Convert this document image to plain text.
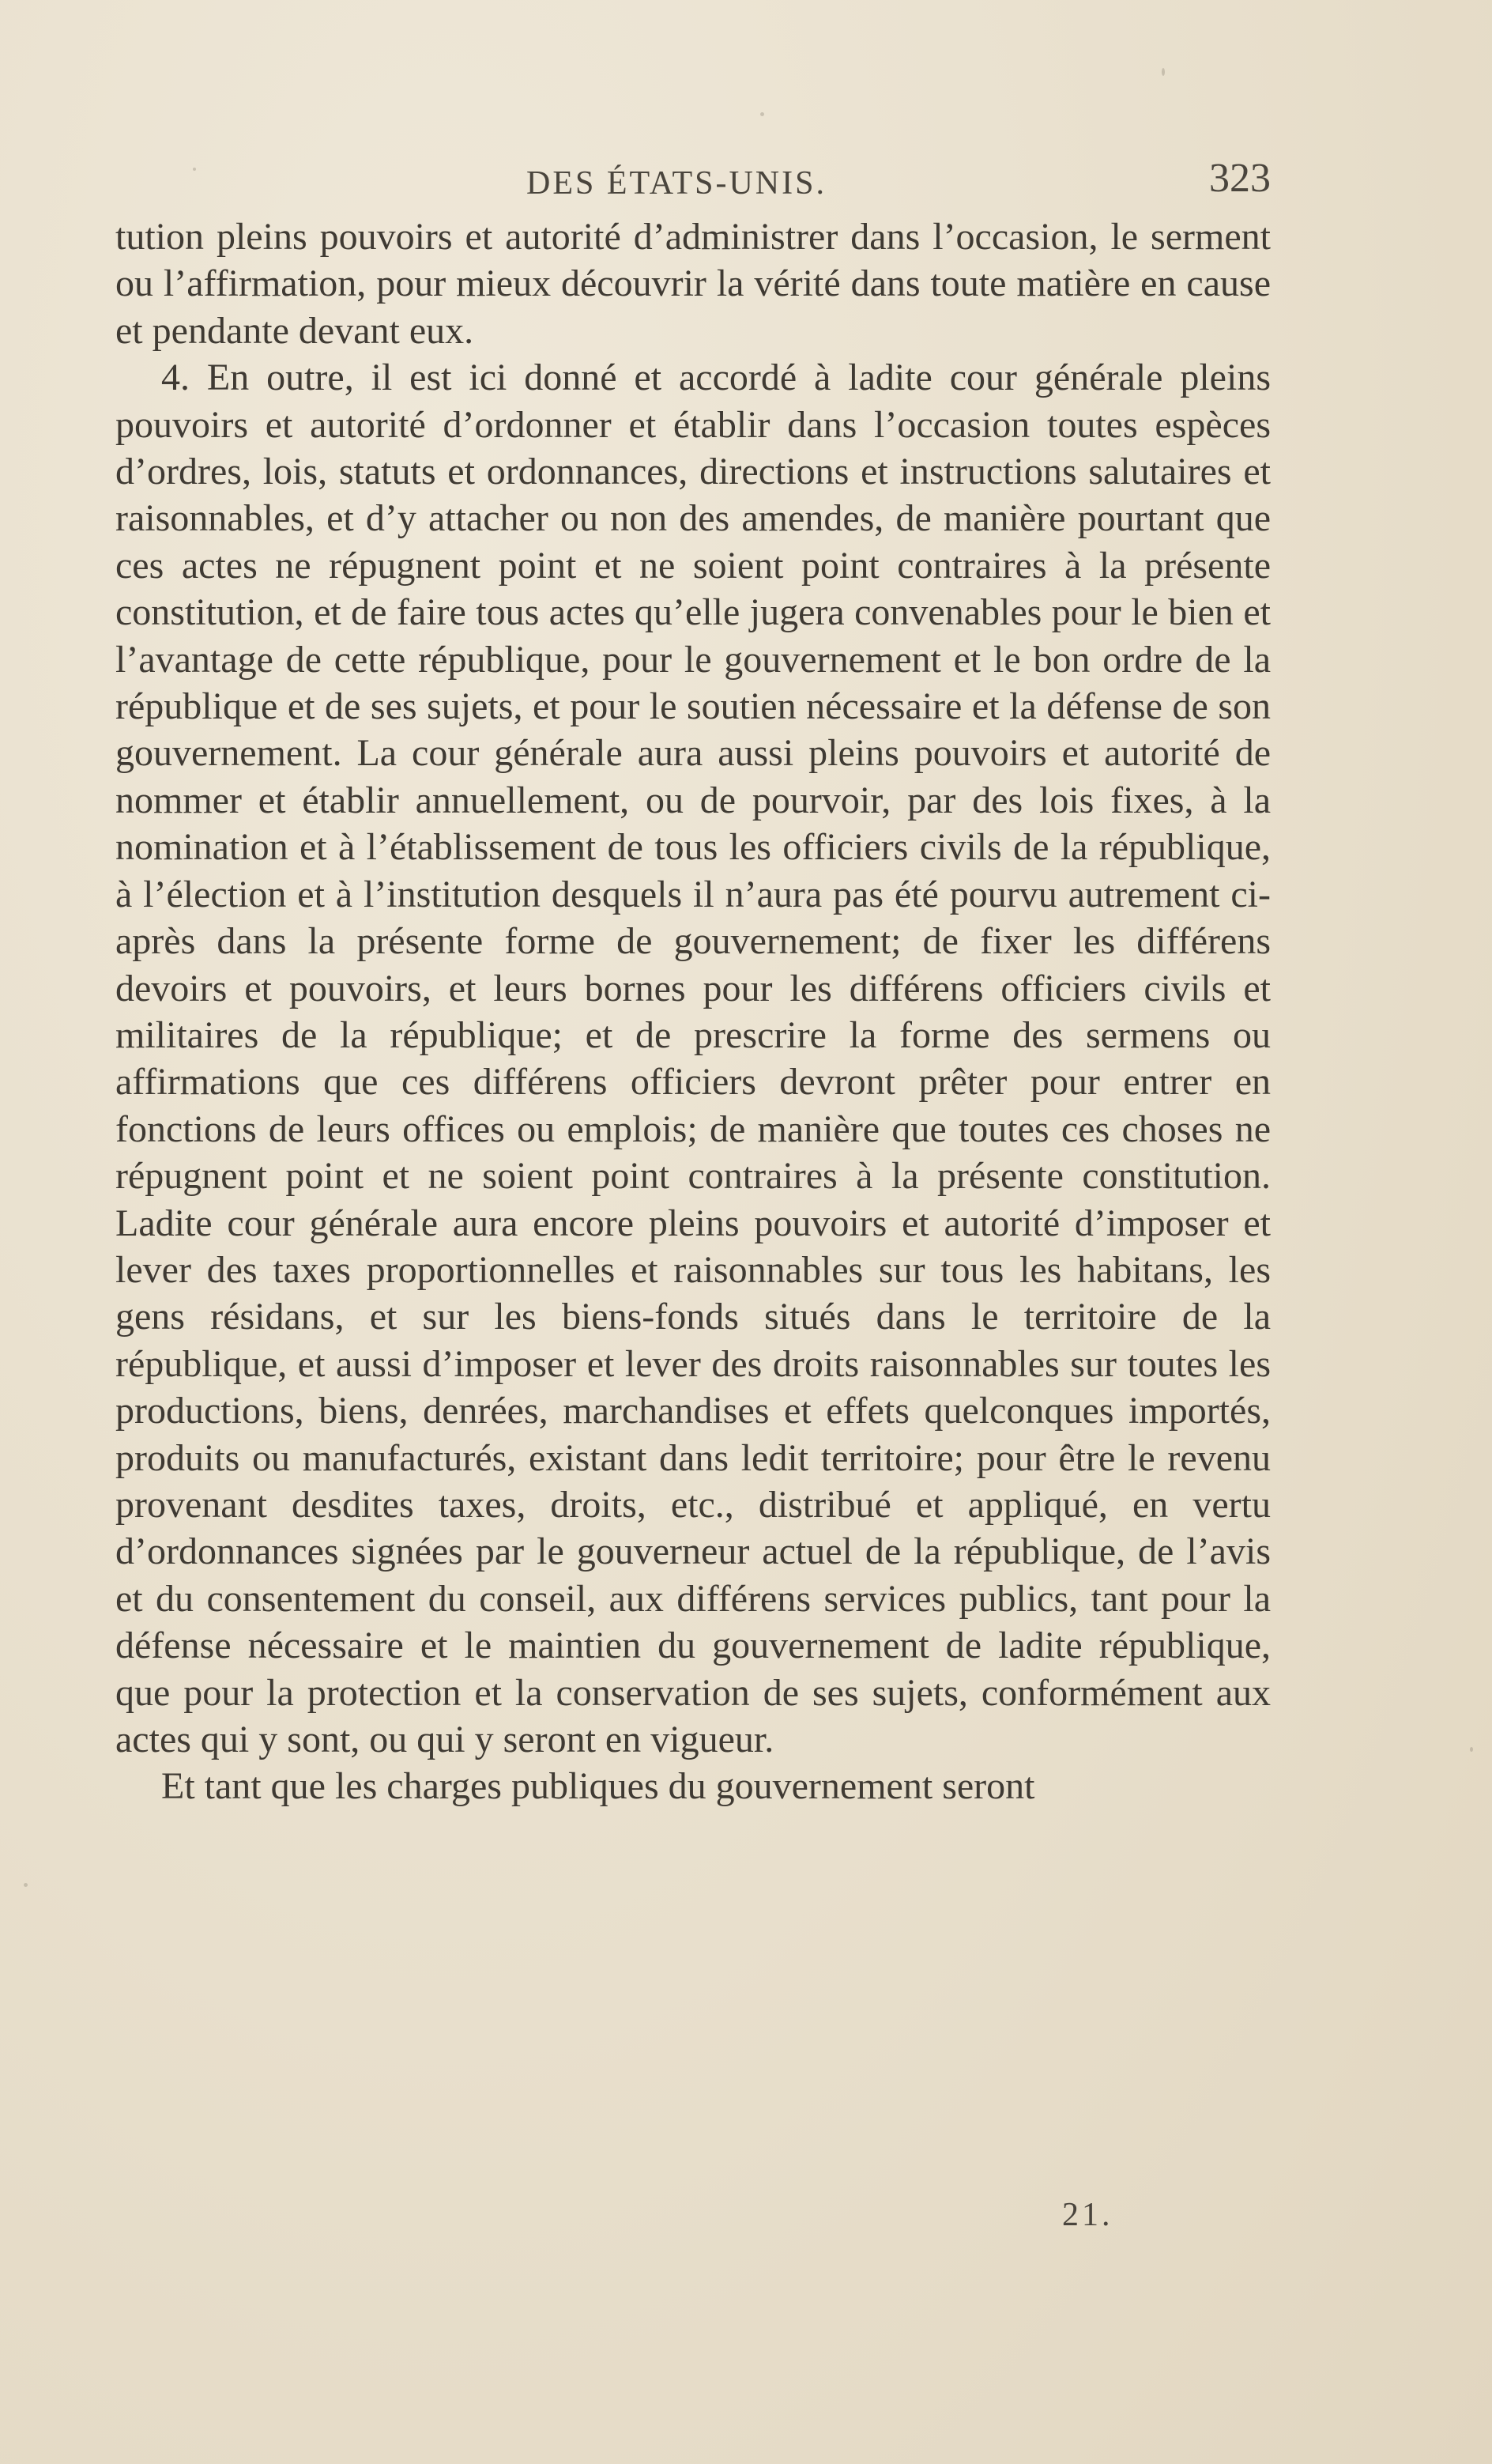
DES ÉTATS-UNIS.	323

tution pleins pouvoirs et autorité d’administrer dans l’occasion, le serment ou l’affirmation, pour mieux découvrir la vérité dans toute matière en cause et pendante devant eux.

4. En outre, il est ici donné et accordé à ladite cour générale pleins pouvoirs et autorité d’ordonner et établir dans l’occasion toutes espèces d’ordres, lois, statuts et ordonnances, directions et instructions salutaires et raisonnables, et d’y attacher ou non des amendes, de manière pourtant que ces actes ne répugnent point et ne soient point contraires à la présente constitution, et de faire tous actes qu’elle jugera convenables pour le bien et l’avantage de cette république, pour le gouvernement et le bon ordre de la république et de ses sujets, et pour le soutien nécessaire et la défense de son gouvernement. La cour générale aura aussi pleins pouvoirs et autorité de nommer et établir annuellement, ou de pourvoir, par des lois fixes, à la nomination et à l’établissement de tous les officiers civils de la république, à l’élection et à l’institution desquels il n’aura pas été pourvu autrement ci-après dans la présente forme de gouvernement; de fixer les différens devoirs et pouvoirs, et leurs bornes pour les différens officiers civils et militaires de la république; et de prescrire la forme des sermens ou affirmations que ces différens officiers devront prêter pour entrer en fonctions de leurs offices ou emplois; de manière que toutes ces choses ne répugnent point et ne soient point contraires à la présente constitution. Ladite cour générale aura encore pleins pouvoirs et autorité d’imposer et lever des taxes proportionnelles et raisonnables sur tous les habitans, les gens résidans, et sur les biens-fonds situés dans le territoire de la république, et aussi d’imposer et lever des droits raisonnables sur toutes les productions, biens, denrées, marchandises et effets quelconques importés, produits ou manufacturés, existant dans ledit territoire; pour être le revenu provenant desdites taxes, droits, etc., distribué et appliqué, en vertu d’ordonnances signées par le gouverneur actuel de la république, de l’avis et du consentement du conseil, aux différens services publics, tant pour la défense nécessaire et le maintien du gouvernement de ladite république, que pour la protection et la conservation de ses sujets, conformément aux actes qui y sont, ou qui y seront en vigueur.

Et tant que les charges publiques du gouvernement seront

21.
